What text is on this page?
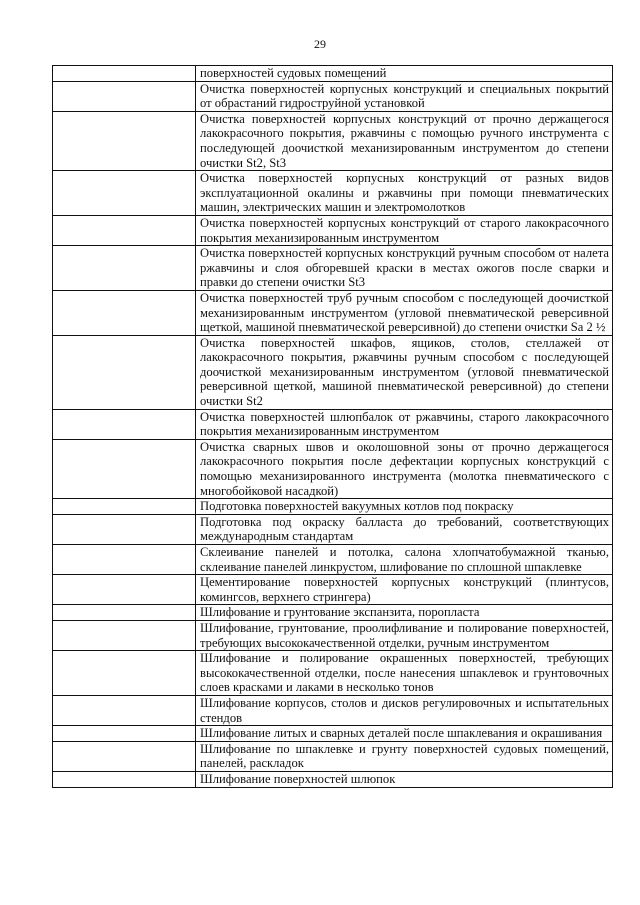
29

	поверхностей судовых помещений

	Очистка поверхностей корпусных конструкций и специальных покрытий от обрастаний гидроструйной установкой

	Очистка поверхностей корпусных конструкций от прочно держащегося лакокрасочного покрытия, ржавчины с помощью ручного инструмента с последующей доочисткой механизированным инструментом до степени очистки St2, St3

	Очистка поверхностей корпусных конструкций от разных видов эксплуатационной окалины и ржавчины при помощи пневматических машин, электрических машин и электромолотков

	Очистка поверхностей корпусных конструкций от старого лакокрасочного покрытия механизированным инструментом

	Очистка поверхностей корпусных конструкций ручным способом от налета ржавчины и слоя обгоревшей краски в местах ожогов после сварки и правки до степени очистки St3

	Очистка поверхностей труб ручным способом с последующей доочисткой механизированным инструментом (угловой пневматической реверсивной щеткой, машиной пневматической реверсивной) до степени очистки Sa 2 ½

	Очистка поверхностей шкафов, ящиков, столов, стеллажей от лакокрасочного покрытия, ржавчины ручным способом с последующей доочисткой механизированным инструментом (угловой пневматической реверсивной щеткой, машиной пневматической реверсивной) до степени очистки St2

	Очистка поверхностей шлюпбалок от ржавчины, старого лакокрасочного покрытия механизированным инструментом

	Очистка сварных швов и околошовной зоны от прочно держащегося лакокрасочного покрытия после дефектации корпусных конструкций с помощью механизированного инструмента (молотка пневматического с многобойковой насадкой)

	Подготовка поверхностей вакуумных котлов под покраску

	Подготовка под окраску балласта до требований, соответствующих международным стандартам

	Склеивание панелей и потолка, салона хлопчатобумажной тканью, склеивание панелей линкрустом, шлифование по сплошной шпаклевке

	Цементирование поверхностей корпусных конструкций (плинтусов, комингсов, верхнего стрингера)

	Шлифование и грунтование экспанзита, поропласта

	Шлифование, грунтование, проолифливание и полирование поверхностей, требующих высококачественной отделки, ручным инструментом

	Шлифование и полирование окрашенных поверхностей, требующих высококачественной отделки, после нанесения шпаклевок и грунтовочных слоев красками и лаками в несколько тонов

	Шлифование корпусов, столов и дисков регулировочных и испытательных стендов

	Шлифование литых и сварных деталей после шпаклевания и окрашивания

	Шлифование по шпаклевке и грунту поверхностей судовых помещений, панелей, раскладок

	Шлифование поверхностей шлюпок
